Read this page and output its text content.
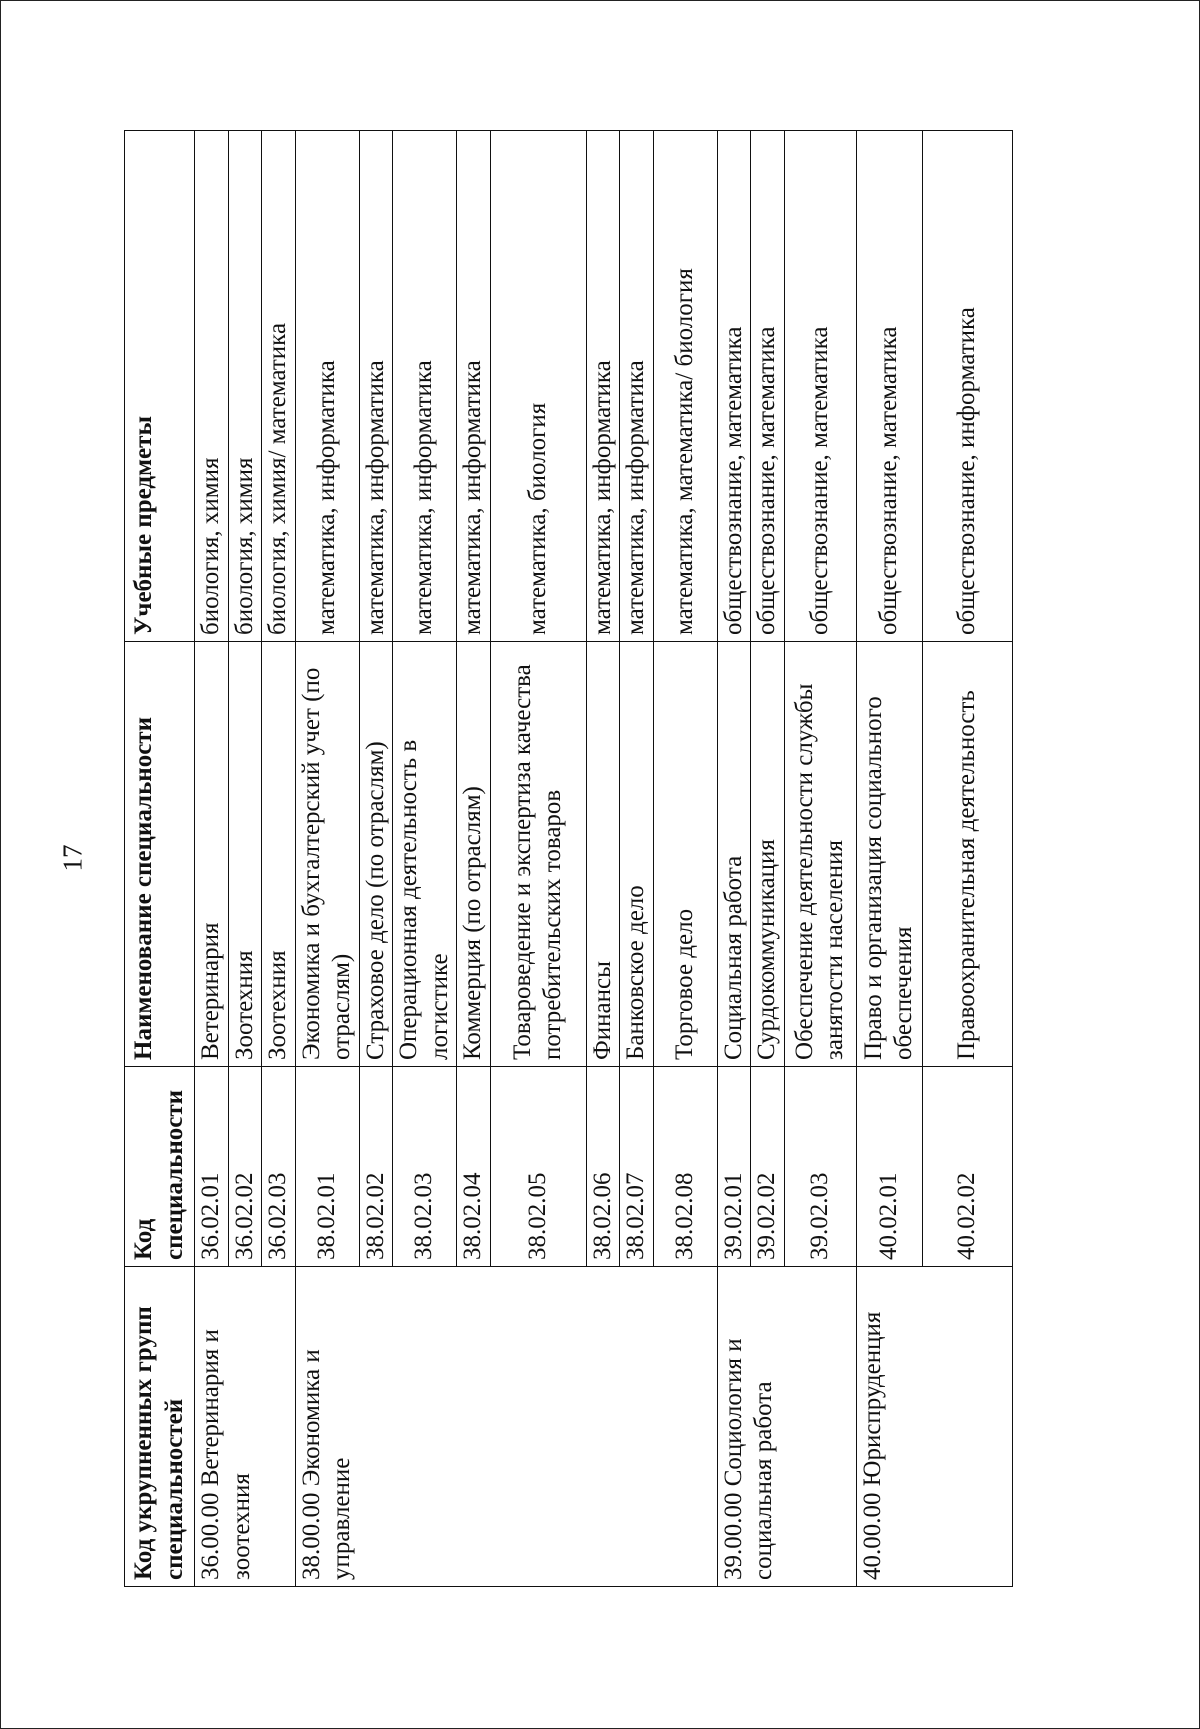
17
Код укрупненных групп специальностей	Код специальности	Наименование специальности	Учебные предметы
36.00.00 Ветеринария и зоотехния	36.02.01	Ветеринария	биология, химия
	36.02.02	Зоотехния	биология, химия
	36.02.03	Зоотехния	биология, химия/ математика
38.00.00 Экономика и управление	38.02.01	Экономика и бухгалтерский учет (по отраслям)	математика, информатика
	38.02.02	Страховое дело (по отраслям)	математика, информатика
	38.02.03	Операционная деятельность в логистике	математика, информатика
	38.02.04	Коммерция (по отраслям)	математика, информатика
	38.02.05	Товароведение и экспертиза качества потребительских товаров	математика, биология
	38.02.06	Финансы	математика, информатика
	38.02.07	Банковское дело	математика, информатика
	38.02.08	Торговое дело	математика, математика/ биология
39.00.00 Социология и социальная работа	39.02.01	Социальная работа	обществознание, математика
	39.02.02	Сурдокоммуникация	обществознание, математика
	39.02.03	Обеспечение деятельности службы занятости населения	обществознание, математика
40.00.00 Юриспруденция	40.02.01	Право и организация социального обеспечения	обществознание, математика
	40.02.02	Правоохранительная деятельность	обществознание, информатика
